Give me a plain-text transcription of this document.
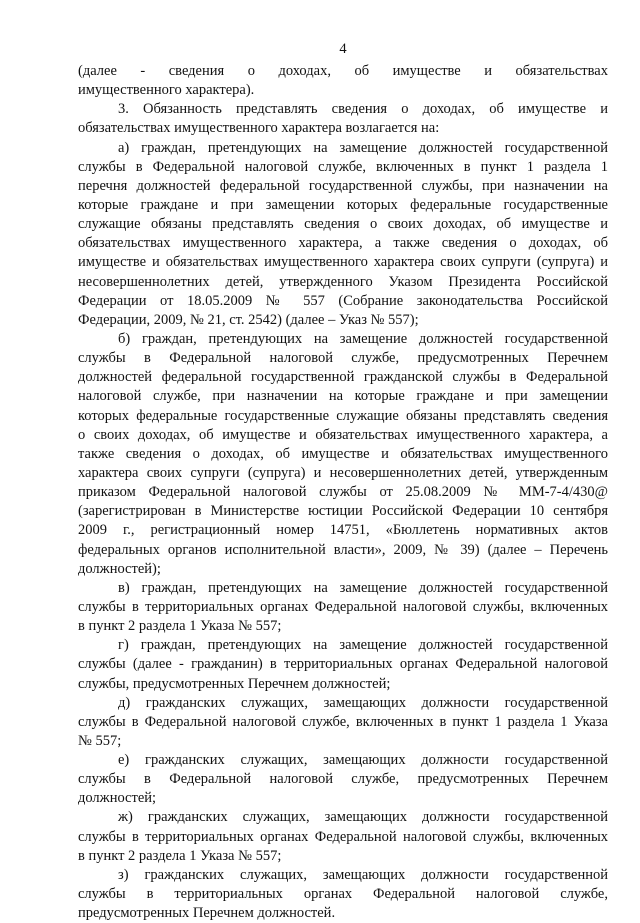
4
(далее - сведения о доходах, об имуществе и обязательствах
имущественного характера).
3. Обязанность представлять сведения о доходах, об имуществе и
обязательствах имущественного характера возлагается на:
а) граждан, претендующих на замещение должностей государственной
службы в Федеральной налоговой службе, включенных в пункт 1 раздела 1
перечня должностей федеральной государственной службы, при назначении на
которые граждане и при замещении которых федеральные государственные
служащие обязаны представлять сведения о своих доходах, об имуществе и
обязательствах имущественного характера, а также сведения о доходах, об
имуществе и обязательствах имущественного характера своих супруги (супруга) и
несовершеннолетних детей, утвержденного Указом Президента Российской
Федерации от 18.05.2009 № 557 (Собрание законодательства Российской
Федерации, 2009, № 21, ст. 2542) (далее – Указ № 557);
б) граждан, претендующих на замещение должностей государственной
службы в Федеральной налоговой службе, предусмотренных Перечнем
должностей федеральной государственной гражданской службы в Федеральной
налоговой службе, при назначении на которые граждане и при замещении
которых федеральные государственные служащие обязаны представлять сведения
о своих доходах, об имуществе и обязательствах имущественного характера, а
также сведения о доходах, об имуществе и обязательствах имущественного
характера своих супруги (супруга) и несовершеннолетних детей, утвержденным
приказом Федеральной налоговой службы от 25.08.2009 № ММ-7-4/430@
(зарегистрирован в Министерстве юстиции Российской Федерации 10 сентября
2009 г., регистрационный номер 14751, «Бюллетень нормативных актов
федеральных органов исполнительной власти», 2009, № 39) (далее – Перечень
должностей);
в) граждан, претендующих на замещение должностей государственной
службы в территориальных органах Федеральной налоговой службы, включенных
в пункт 2 раздела 1 Указа № 557;
г) граждан, претендующих на замещение должностей государственной
службы (далее - гражданин) в территориальных органах Федеральной налоговой
службы, предусмотренных Перечнем должностей;
д) гражданских служащих, замещающих должности государственной
службы в Федеральной налоговой службе, включенных в пункт 1 раздела 1 Указа
№ 557;
е) гражданских служащих, замещающих должности государственной
службы в Федеральной налоговой службе, предусмотренных Перечнем
должностей;
ж) гражданских служащих, замещающих должности государственной
службы в территориальных органах Федеральной налоговой службы, включенных
в пункт 2 раздела 1 Указа № 557;
з) гражданских служащих, замещающих должности государственной
службы в территориальных органах Федеральной налоговой службе,
предусмотренных Перечнем должностей.
